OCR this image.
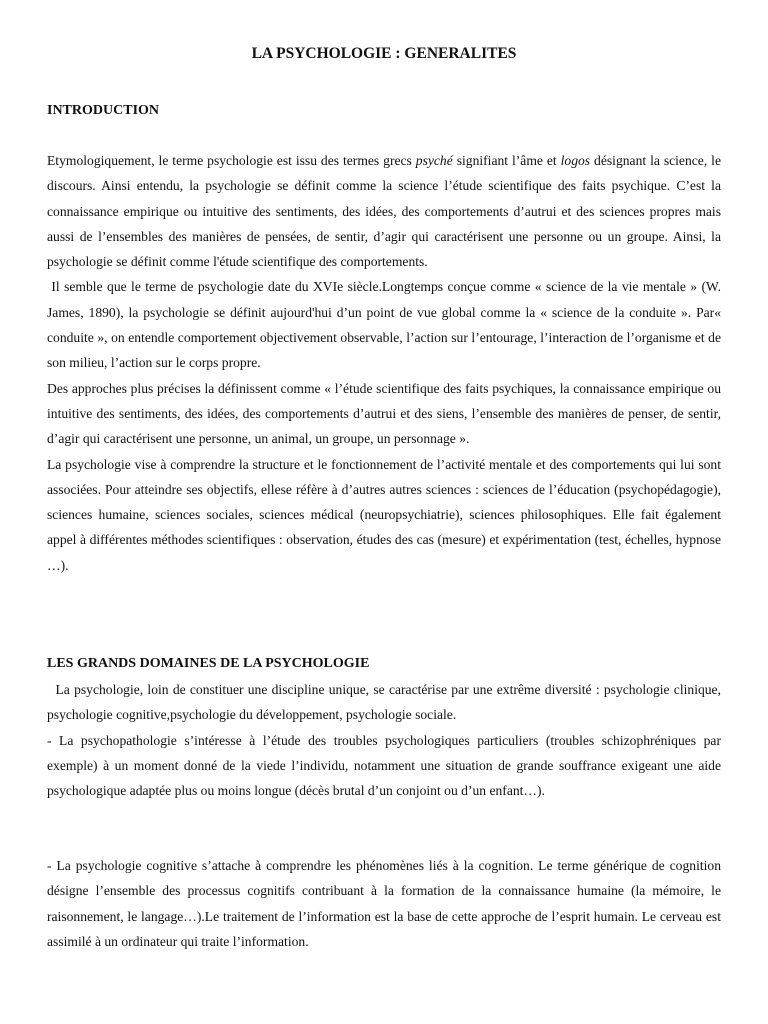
LA PSYCHOLOGIE : GENERALITES
INTRODUCTION

Etymologiquement, le terme psychologie est issu des termes grecs psyché signifiant l’âme et logos désignant la science, le discours. Ainsi entendu, la psychologie se définit comme la science l’étude scientifique des faits psychique. C’est la connaissance empirique ou intuitive des sentiments, des idées, des comportements d’autrui et des sciences propres mais aussi de l’ensembles des manières de pensées, de sentir, d’agir qui caractérisent une personne ou un groupe. Ainsi, la psychologie se définit comme l'étude scientifique des comportements.

Il semble que le terme de psychologie date du XVIe siècle.Longtemps conçue comme « science de la vie mentale » (W.  James, 1890), la psychologie se définit aujourd'hui d’un point de vue global comme la « science de la conduite ». Par« conduite », on entendle comportement objectivement observable, l’action sur l’entourage, l’interaction de l’organisme et de son milieu, l’action sur le corps propre.

Des approches plus précises la définissent comme « l’étude scientifique des faits psychiques, la connaissance empirique ou intuitive des sentiments, des idées, des comportements d’autrui et des siens, l’ensemble des manières de penser, de sentir, d’agir qui caractérisent une personne, un animal, un groupe, un personnage ».

La psychologie vise à comprendre la structure et le fonctionnement de l’activité mentale et des comportements qui lui sont associées. Pour atteindre ses objectifs, ellese réfère à d’autres autres sciences : sciences de l’éducation (psychopédagogie), sciences humaine, sciences sociales, sciences médical (neuropsychiatrie), sciences philosophiques. Elle fait également appel à différentes méthodes scientifiques : observation, études des cas (mesure) et expérimentation (test, échelles, hypnose …).

LES GRANDS DOMAINES DE LA PSYCHOLOGIE

La psychologie, loin de constituer une discipline unique, se caractérise par une extrême diversité : psychologie clinique, psychologie cognitive,psychologie du développement, psychologie sociale.

- La psychopathologie s’intéresse à l’étude des troubles psychologiques particuliers (troubles schizophréniques par exemple) à un moment donné de la viede l’individu, notamment une situation de grande souffrance exigeant une aide psychologique adaptée plus ou moins longue (décès brutal d’un conjoint ou d’un enfant…).

- La psychologie cognitive s’attache à comprendre les phénomènes liés à la cognition. Le terme générique de cognition désigne l’ensemble des processus cognitifs contribuant à la formation de la connaissance humaine (la mémoire, le raisonnement, le langage…).Le traitement de l’information est la base de cette approche de l’esprit humain. Le cerveau est assimilé à un ordinateur qui traite l’information.
